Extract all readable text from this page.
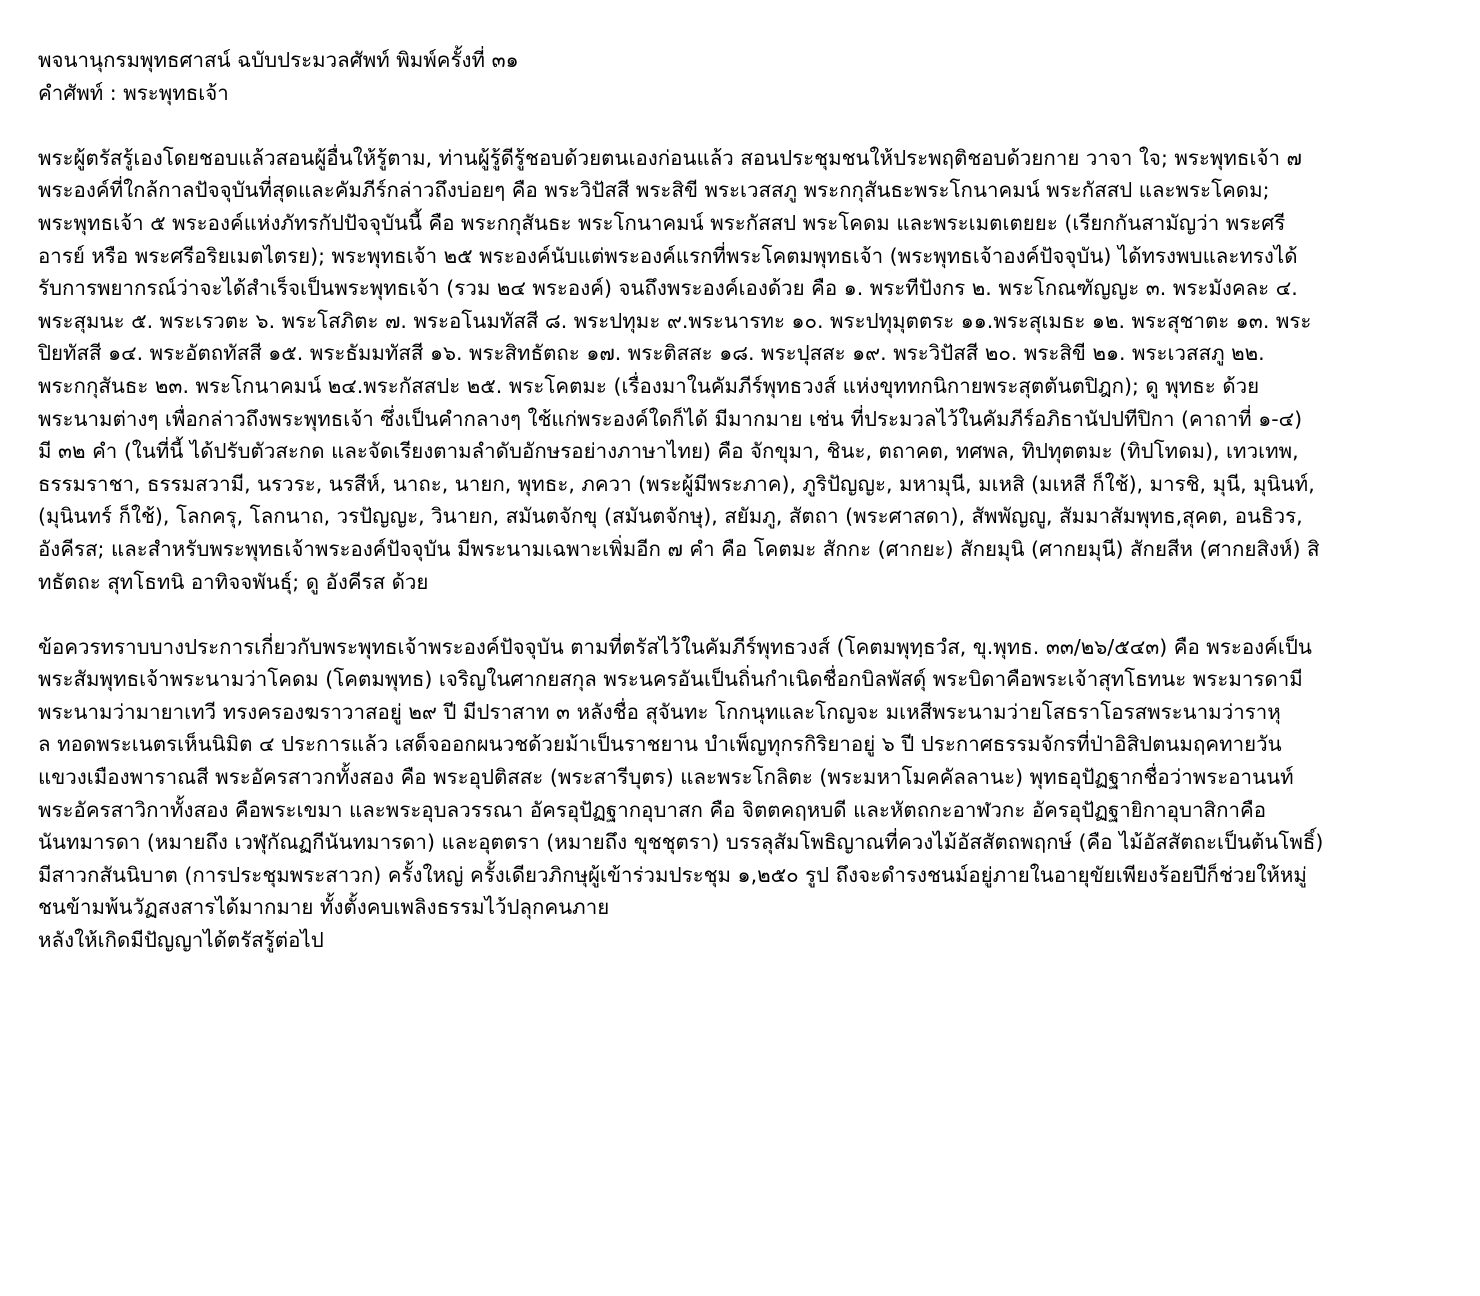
พจนานุกรมพุทธศาสน์ ฉบับประมวลศัพท์ พิมพ์ครั้งที่ ๓๑
คำศัพท์ : พระพุทธเจ้า
พระผู้ตรัสรู้เองโดยชอบแล้วสอนผู้อื่นให้รู้ตาม, ท่านผู้รู้ดีรู้ชอบด้วยตนเองก่อนแล้ว สอนประชุมชนให้ประพฤติชอบด้วยกาย วาจา ใจ; พระพุทธเจ้า ๗
พระองค์ที่ใกล้กาลปัจจุบันที่สุดและคัมภีร์กล่าวถึงบ่อยๆ คือ พระวิปัสสี พระสิขี พระเวสสภู พระกกุสันธะพระโกนาคมน์ พระกัสสป และพระโคดม;
พระพุทธเจ้า ๕ พระองค์แห่งภัทรกัปปัจจุบันนี้ คือ พระกกุสันธะ พระโกนาคมน์ พระกัสสป พระโคดม และพระเมตเตยยะ (เรียกกันสามัญว่า พระศรี
อารย์ หรือ พระศรีอริยเมตไตรย); พระพุทธเจ้า ๒๕ พระองค์นับแต่พระองค์แรกที่พระโคตมพุทธเจ้า (พระพุทธเจ้าองค์ปัจจุบัน) ได้ทรงพบและทรงได้
รับการพยากรณ์ว่าจะได้สำเร็จเป็นพระพุทธเจ้า (รวม ๒๔ พระองค์) จนถึงพระองค์เองด้วย คือ ๑. พระทีปังกร ๒. พระโกณฑัญญะ ๓. พระมังคละ ๔.
พระสุมนะ ๕. พระเรวตะ ๖. พระโสภิตะ ๗. พระอโนมทัสสี ๘. พระปทุมะ ๙.พระนารทะ ๑๐. พระปทุมุตตระ ๑๑.พระสุเมธะ ๑๒. พระสุชาตะ ๑๓. พระ
ปิยทัสสี ๑๔. พระอัตถทัสสี ๑๕. พระธัมมทัสสี ๑๖. พระสิทธัตถะ ๑๗. พระติสสะ ๑๘. พระปุสสะ ๑๙. พระวิปัสสี ๒๐. พระสิขี ๒๑. พระเวสสภู ๒๒.
พระกกุสันธะ ๒๓. พระโกนาคมน์ ๒๔.พระกัสสปะ ๒๕. พระโคตมะ (เรื่องมาในคัมภีร์พุทธวงส์ แห่งขุททกนิกายพระสุตตันตปิฎก); ดู พุทธะ ด้วย
พระนามต่างๆ เพื่อกล่าวถึงพระพุทธเจ้า ซึ่งเป็นคำกลางๆ ใช้แก่พระองค์ใดก็ได้ มีมากมาย เช่น ที่ประมวลไว้ในคัมภีร์อภิธานัปปทีปิกา (คาถาที่ ๑-๔)
มี ๓๒ คำ (ในที่นี้ ได้ปรับตัวสะกด และจัดเรียงตามลำดับอักษรอย่างภาษาไทย) คือ จักขุมา, ชินะ, ตถาคต, ทศพล, ทิปทุตตมะ (ทิปโทดม), เทวเทพ,
ธรรมราชา, ธรรมสวามี, นรวระ, นรสีห์, นาถะ, นายก, พุทธะ, ภควา (พระผู้มีพระภาค), ภูริปัญญะ, มหามุนี, มเหสิ (มเหสี ก็ใช้), มารชิ, มุนี, มุนินท์,
(มุนินทร์ ก็ใช้), โลกครุ, โลกนาถ, วรปัญญะ, วินายก, สมันตจักขุ (สมันตจักษุ), สยัมภู, สัตถา (พระศาสดา), สัพพัญญู, สัมมาสัมพุทธ,สุคต, อนธิวร,
อังคีรส; และสำหรับพระพุทธเจ้าพระองค์ปัจจุบัน มีพระนามเฉพาะเพิ่มอีก ๗ คำ คือ โคตมะ สักกะ (ศากยะ) สักยมุนิ (ศากยมุนี) สักยสีห (ศากยสิงห์) สิ
ทธัตถะ สุทโธทนิ อาทิจจพันธุ์; ดู อังคีรส ด้วย
ข้อควรทราบบางประการเกี่ยวกับพระพุทธเจ้าพระองค์ปัจจุบัน ตามที่ตรัสไว้ในคัมภีร์พุทธวงส์ (โคตมพุทฺธวํส, ขุ.พุทธ. ๓๓/๒๖/๕๔๓) คือ พระองค์เป็น
พระสัมพุทธเจ้าพระนามว่าโคดม (โคตมพุทธ) เจริญในศากยสกุล พระนครอันเป็นถิ่นกำเนิดชื่อกบิลพัสดุ์ พระบิดาคือพระเจ้าสุทโธทนะ พระมารดามี
พระนามว่ามายาเทวี ทรงครองฆราวาสอยู่ ๒๙ ปี มีปราสาท ๓ หลังชื่อ สุจันทะ โกกนุทและโกญจะ มเหสีพระนามว่ายโสธราโอรสพระนามว่าราหุ
ล ทอดพระเนตรเห็นนิมิต ๔ ประการแล้ว เสด็จออกผนวชด้วยม้าเป็นราชยาน บำเพ็ญทุกรกิริยาอยู่ ๖ ปี ประกาศธรรมจักรที่ป่าอิสิปตนมฤคทายวัน
แขวงเมืองพาราณสี พระอัครสาวกทั้งสอง คือ พระอุปติสสะ (พระสารีบุตร) และพระโกลิตะ (พระมหาโมคคัลลานะ) พุทธอุปัฏฐากชื่อว่าพระอานนท์
พระอัครสาวิกาทั้งสอง คือพระเขมา และพระอุบลวรรณา อัครอุปัฏฐากอุบาสก คือ จิตตคฤหบดี และหัตถกะอาฬวกะ อัครอุปัฏฐายิกาอุบาสิกาคือ
นันทมารดา (หมายถึง เวฬุกัณฏกีนันทมารดา) และอุตตรา (หมายถึง ขุชชุตรา) บรรลุสัมโพธิญาณที่ควงไม้อัสสัตถพฤกษ์ (คือ ไม้อัสสัตถะเป็นต้นโพธิ์)
มีสาวกสันนิบาต (การประชุมพระสาวก) ครั้งใหญ่ ครั้งเดียวภิกษุผู้เข้าร่วมประชุม ๑,๒๕๐ รูป ถึงจะดำรงชนม์อยู่ภายในอายุขัยเพียงร้อยปีก็ช่วยให้หมู่
ชนข้ามพ้นวัฏสงสารได้มากมาย ทั้งตั้งคบเพลิงธรรมไว้ปลุกคนภาย
หลังให้เกิดมีปัญญาได้ตรัสรู้ต่อไป
